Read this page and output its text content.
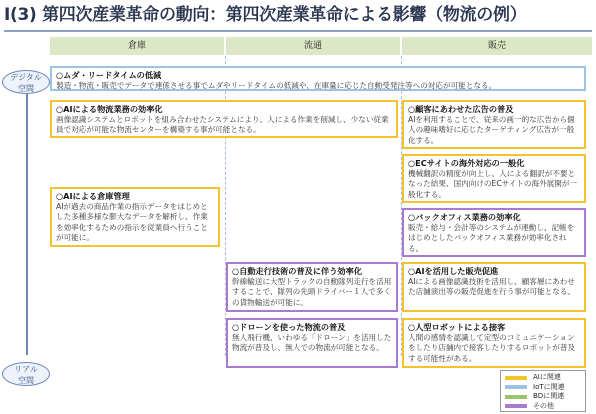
Ⅰ(3) 第四次産業革命の動向：第四次産業革命による影響（物流の例）
倉庫	流通	販売
デジタル
空間
リアル
空間
○ムダ・リードタイムの低減
製造・物流・販売でデータで連係させる事でムダやリードタイムの低減や、在庫量に応じた自動受発注等への対応が可能となる。
○AIによる物流業務の効率化
画像認識システムとロボットを組み合わせたシステムにより、人による作業を削減し、少ない従業員で対応が可能な物流センターを構築する事が可能となる。
○顧客にあわせた広告の普及
AIを利用することで、従来の画一的な広告から個人の趣味嗜好に応じたターゲティング広告が一般化する。
○ECサイトの海外対応の一般化
機械翻訳の精度が向上し、人による翻訳が不要となった結果、国内向けのECサイトの海外展開が一般化する。
○AIによる倉庫管理
AIが過去の商品作業の指示データをはじめとした多種多様な膨大なデータを解析し、作業を効率化するための指示を従業員へ行うことが可能に。
○バックオフィス業務の効率化
販売・給与・会計等のシステムが連動し、記帳をはじめとしたバックオフィス業務が効率化される。
○自動走行技術の普及に伴う効率化
幹線輸送に大型トラックの自動隊列走行を活用することで、隊列の先頭ドライバー１人で多くの貨物輸送が可能に。
○AIを活用した販売促進
AIによる画像認識技術を活用し、顧客層にあわせた店舗演出等の販売促進を行う事が可能となる。
○ドローンを使った物流の普及
無人飛行機、いわゆる「ドローン」を活用した物流が普及し、無人での物流が可能となる。
○人型ロボットによる接客
人間の感情を認識して定型のコミュニケーションをしたり店舗内で接客したりするロボットが普及する可能性がある。
AIに関連
IoTに関連
BDに関連
その他
